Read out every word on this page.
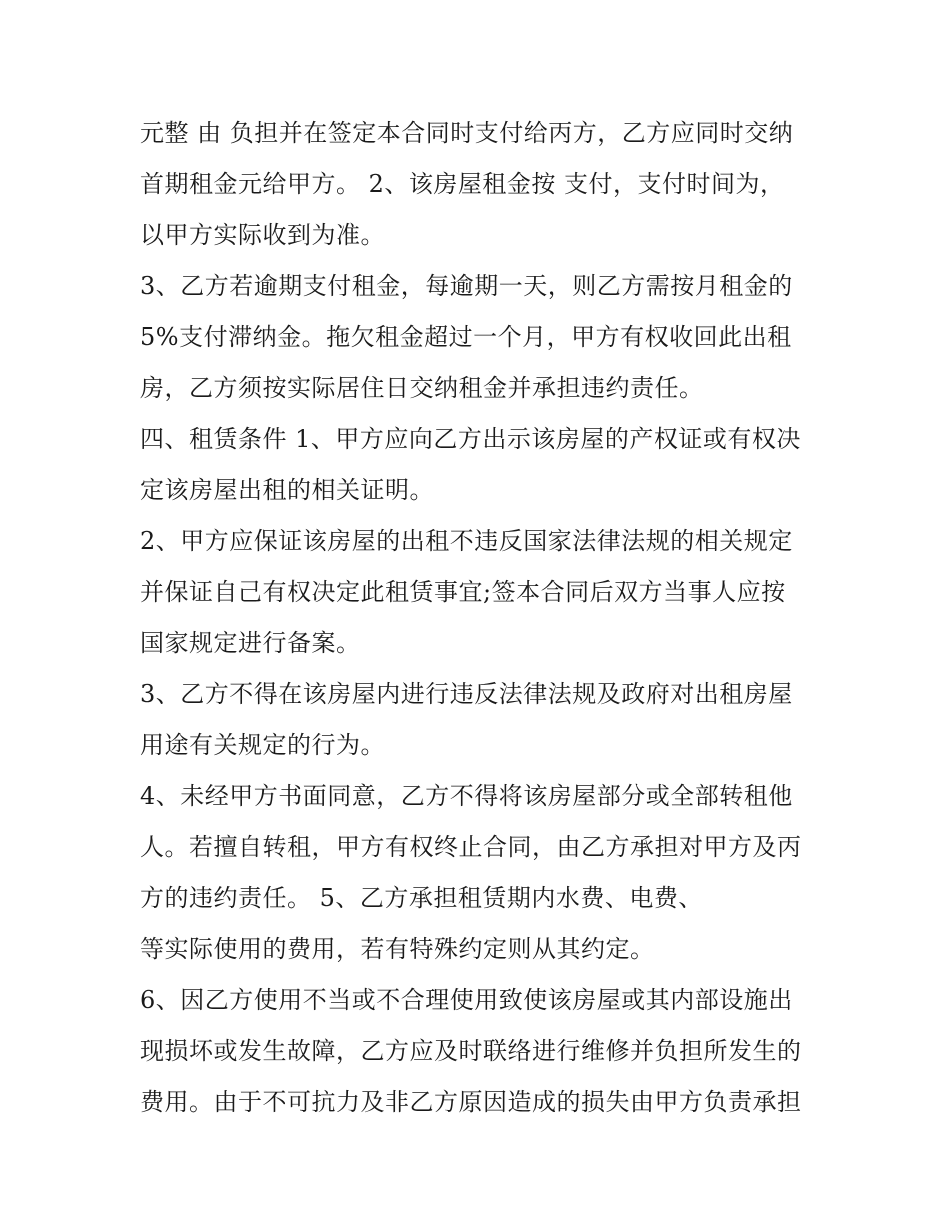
元整 由 负担并在签定本合同时支付给丙方，乙方应同时交纳
首期租金元给甲方。 2、该房屋租金按 支付，支付时间为，
以甲方实际收到为准。
3、乙方若逾期支付租金，每逾期一天，则乙方需按月租金的
5%支付滞纳金。拖欠租金超过一个月，甲方有权收回此出租
房，乙方须按实际居住日交纳租金并承担违约责任。
四、租赁条件 1、甲方应向乙方出示该房屋的产权证或有权决
定该房屋出租的相关证明。
2、甲方应保证该房屋的出租不违反国家法律法规的相关规定
并保证自己有权决定此租赁事宜;签本合同后双方当事人应按
国家规定进行备案。
3、乙方不得在该房屋内进行违反法律法规及政府对出租房屋
用途有关规定的行为。
4、未经甲方书面同意，乙方不得将该房屋部分或全部转租他
人。若擅自转租，甲方有权终止合同，由乙方承担对甲方及丙
方的违约责任。 5、乙方承担租赁期内水费、电费、
等实际使用的费用，若有特殊约定则从其约定。
6、因乙方使用不当或不合理使用致使该房屋或其内部设施出
现损坏或发生故障，乙方应及时联络进行维修并负担所发生的
费用。由于不可抗力及非乙方原因造成的损失由甲方负责承担
